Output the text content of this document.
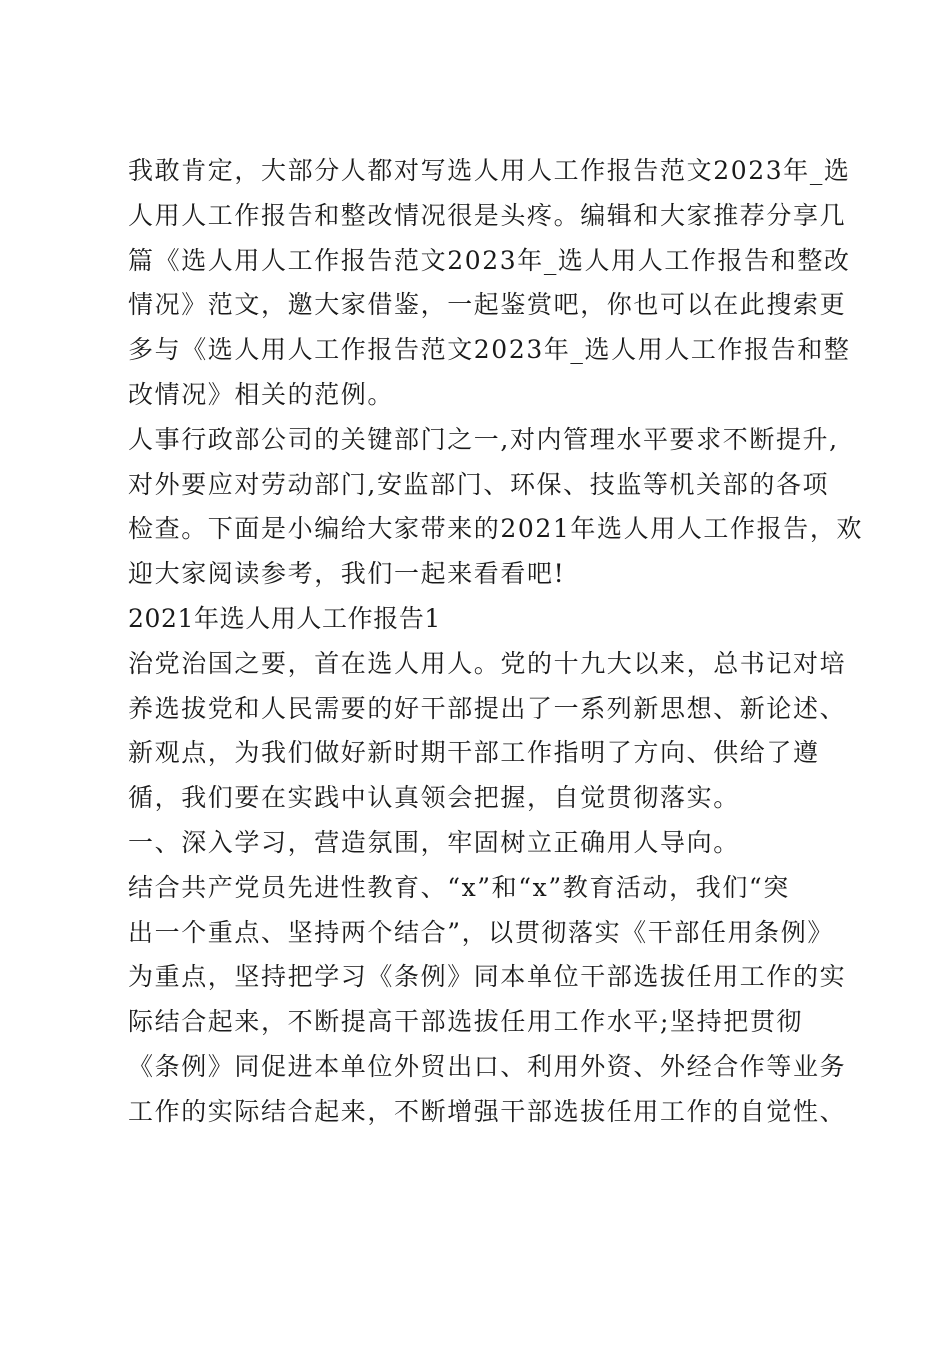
我敢肯定，大部分人都对写选人用人工作报告范文2023年_选
人用人工作报告和整改情况很是头疼。编辑和大家推荐分享几
篇《选人用人工作报告范文2023年_选人用人工作报告和整改
情况》范文，邀大家借鉴，一起鉴赏吧，你也可以在此搜索更
多与《选人用人工作报告范文2023年_选人用人工作报告和整
改情况》相关的范例。
人事行政部公司的关键部门之一,对内管理水平要求不断提升,
对外要应对劳动部门,安监部门、环保、技监等机关部的各项
检查。下面是小编给大家带来的2021年选人用人工作报告，欢
迎大家阅读参考，我们一起来看看吧!
2021年选人用人工作报告1
治党治国之要，首在选人用人。党的十九大以来，总书记对培
养选拔党和人民需要的好干部提出了一系列新思想、新论述、
新观点，为我们做好新时期干部工作指明了方向、供给了遵
循，我们要在实践中认真领会把握，自觉贯彻落实。
一、深入学习，营造氛围，牢固树立正确用人导向。
结合共产党员先进性教育、“x”和“x”教育活动，我们“突
出一个重点、坚持两个结合”，以贯彻落实《干部任用条例》
为重点，坚持把学习《条例》同本单位干部选拔任用工作的实
际结合起来，不断提高干部选拔任用工作水平;坚持把贯彻
《条例》同促进本单位外贸出口、利用外资、外经合作等业务
工作的实际结合起来，不断增强干部选拔任用工作的自觉性、
